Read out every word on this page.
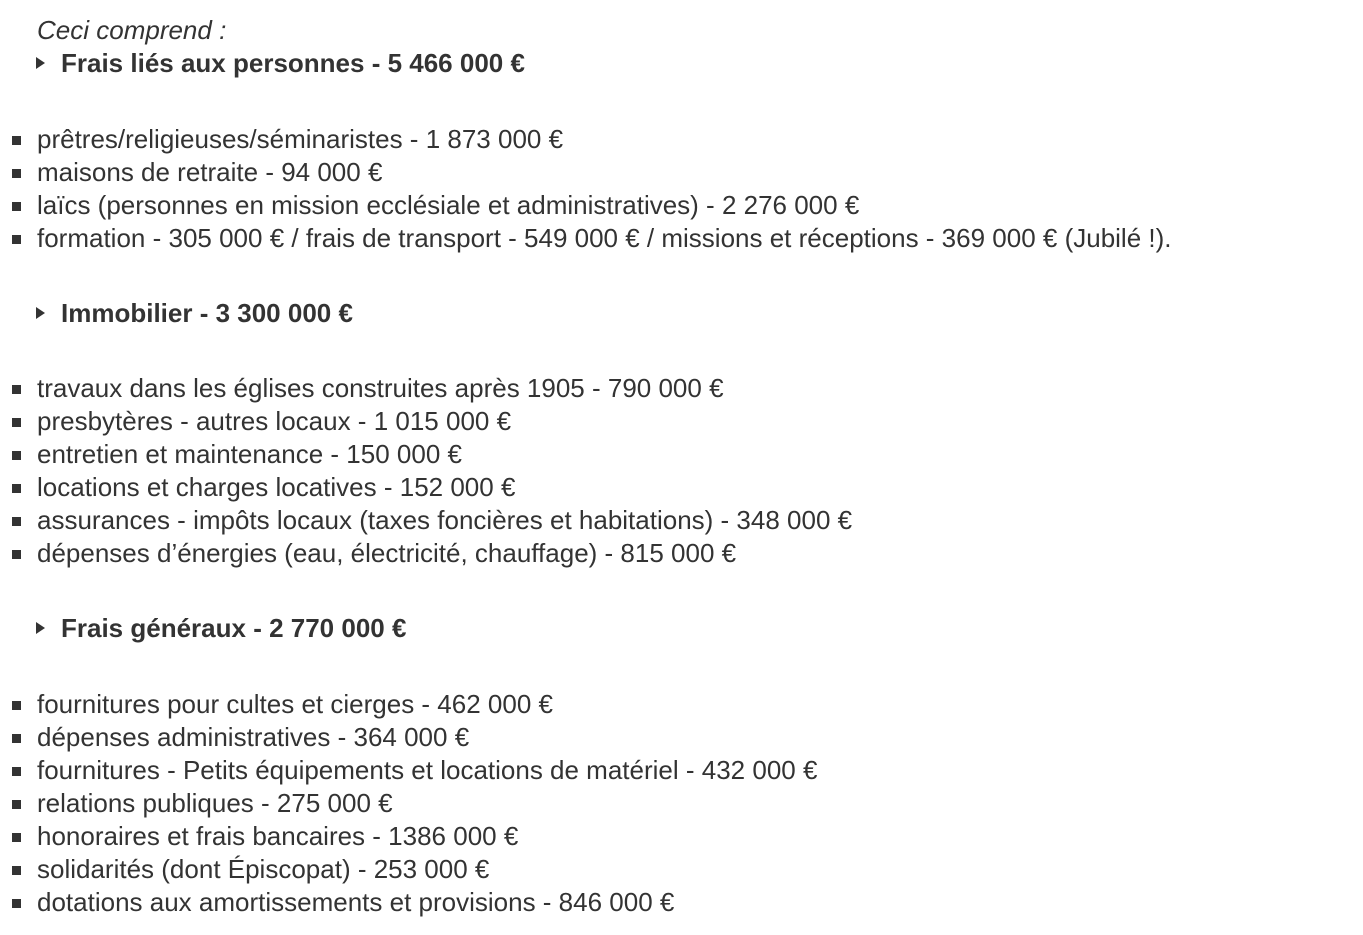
Ceci comprend :

Frais liés aux personnes - 5 466 000 €
prêtres/religieuses/séminaristes - 1 873 000 €
maisons de retraite - 94 000 €
laïcs (personnes en mission ecclésiale et administratives) - 2 276 000 €
formation - 305 000 € / frais de transport - 549 000 € / missions et réceptions - 369 000 € (Jubilé !).
Immobilier - 3 300 000 €
travaux dans les églises construites après 1905 - 790 000 €
presbytères - autres locaux - 1 015 000 €
entretien et maintenance - 150 000 €
locations et charges locatives - 152 000 €
assurances - impôts locaux (taxes foncières et habitations) - 348 000 €
dépenses d’énergies (eau, électricité, chauffage) - 815 000 €
Frais généraux - 2 770 000 €
fournitures pour cultes et cierges - 462 000 €
dépenses administratives - 364 000 €
fournitures - Petits équipements et locations de matériel - 432 000 €
relations publiques - 275 000 €
honoraires et frais bancaires - 1386 000 €
solidarités (dont Épiscopat) - 253 000 €
dotations aux amortissements et provisions - 846 000 €
